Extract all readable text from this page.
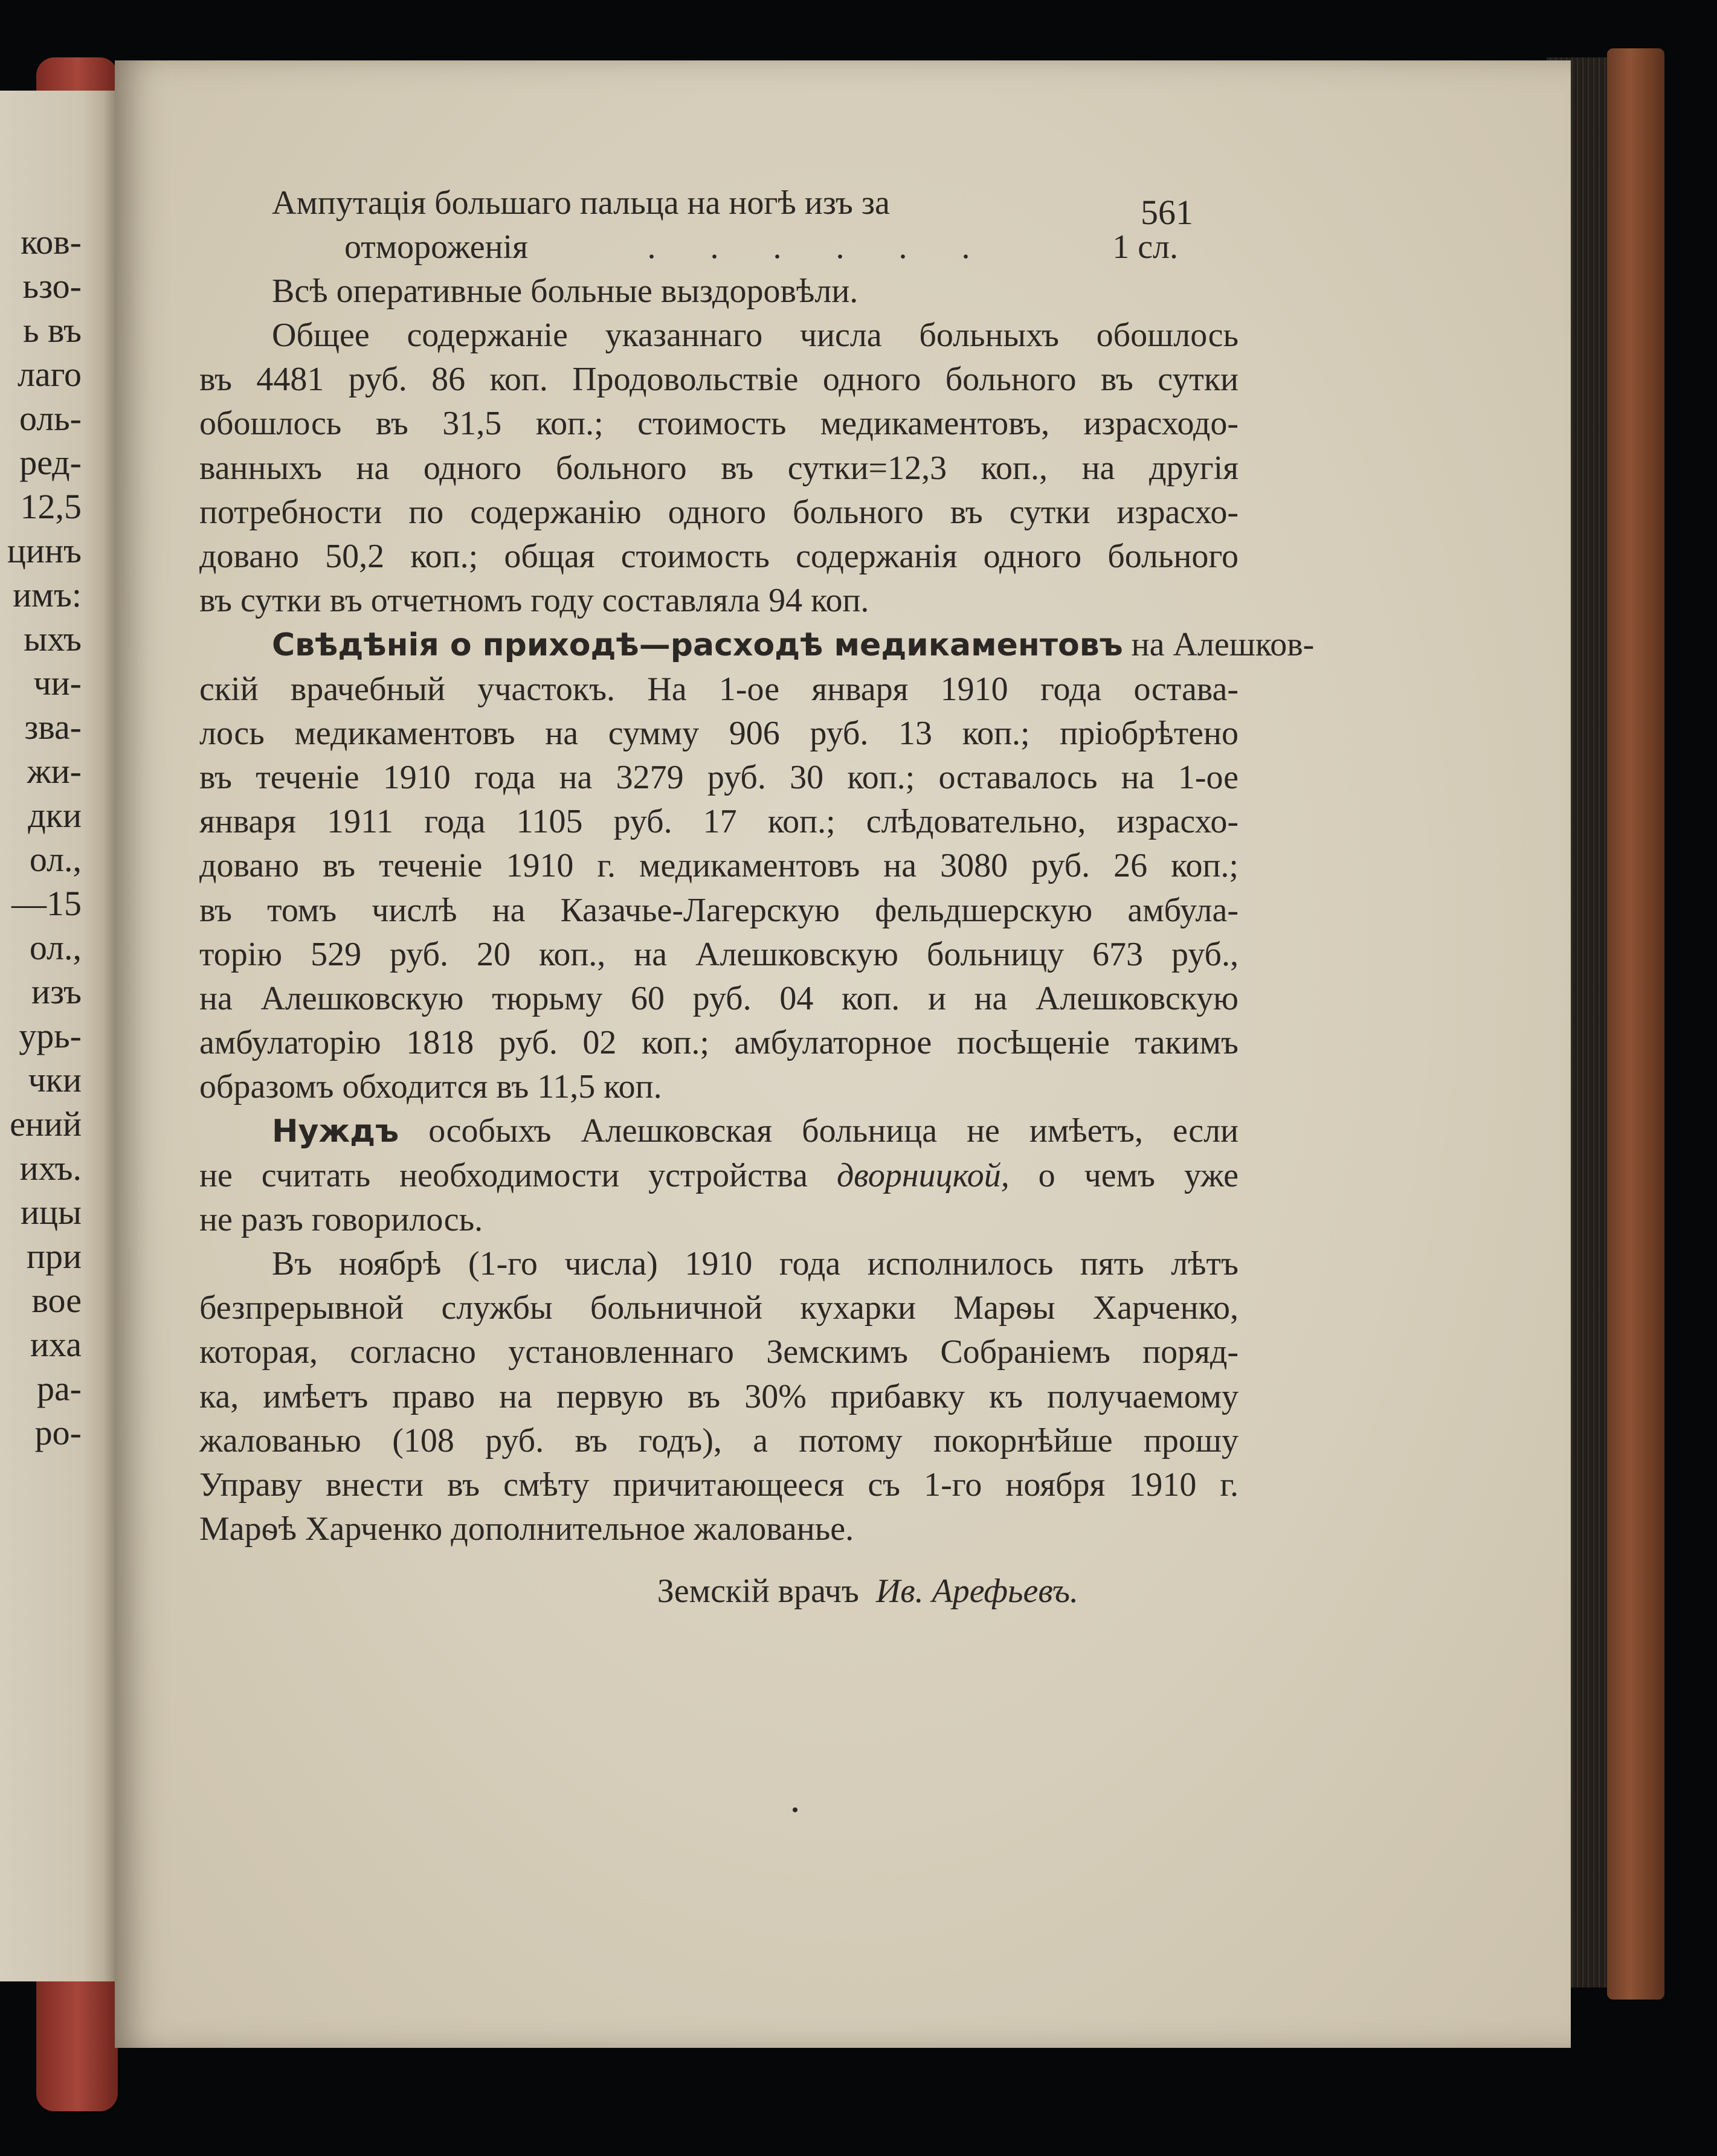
ков-
ьзо-
ь въ
лаго
оль-
ред-
12,5
цинъ
имъ:
ыхъ
чи-
зва-
жи-
дки
ол.,
—15
ол.,
изъ
урь-
чки
ений
ихъ.
ицы
при
вое
иха
ра-
ро-
561
Ампутація большаго пальца на ногѣ изъ за
отмороженія	. . . . . .	1 сл.
Всѣ оперативные больные выздоровѣли.
Общее содержаніе указаннаго числа больныхъ обошлось
въ 4481 руб. 86 коп. Продовольствіе одного больного въ сутки
обошлось въ 31,5 коп.; стоимость медикаментовъ, израсходо-
ванныхъ на одного больного въ сутки=12,3 коп., на другія
потребности по содержанію одного больного въ сутки израсхо-
довано 50,2 коп.; общая стоимость содержанія одного больного
въ сутки въ отчетномъ году составляла 94 коп.
Свѣдѣнія о приходѣ—расходѣ медикаментовъ на Алешков-
скій врачебный участокъ. На 1-ое января 1910 года остава-
лось медикаментовъ на сумму 906 руб. 13 коп.; пріобрѣтено
въ теченіе 1910 года на 3279 руб. 30 коп.; оставалось на 1-ое
января 1911 года 1105 руб. 17 коп.; слѣдовательно, израсхо-
довано въ теченіе 1910 г. медикаментовъ на 3080 руб. 26 коп.;
въ томъ числѣ на Казачье-Лагерскую фельдшерскую амбула-
торію 529 руб. 20 коп., на Алешковскую больницу 673 руб.,
на Алешковскую тюрьму 60 руб. 04 коп. и на Алешковскую
амбулаторію 1818 руб. 02 коп.; амбулаторное посѣщеніе такимъ
образомъ обходится въ 11,5 коп.
Нуждъ особыхъ Алешковская больница не имѣетъ, если
не считать необходимости устройства дворницкой, о чемъ уже
не разъ говорилось.
Въ ноябрѣ (1-го числа) 1910 года исполнилось пять лѣтъ
безпрерывной службы больничной кухарки Марѳы Харченко,
которая, согласно установленнаго Земскимъ Собраніемъ поряд-
ка, имѣетъ право на первую въ 30% прибавку къ получаемому
жалованью (108 руб. въ годъ), а потому покорнѣйше прошу
Управу внести въ смѣту причитающееся съ 1-го ноября 1910 г.
Марѳѣ Харченко дополнительное жалованье.
Земскій врачъ Ив. Арефьевъ.
